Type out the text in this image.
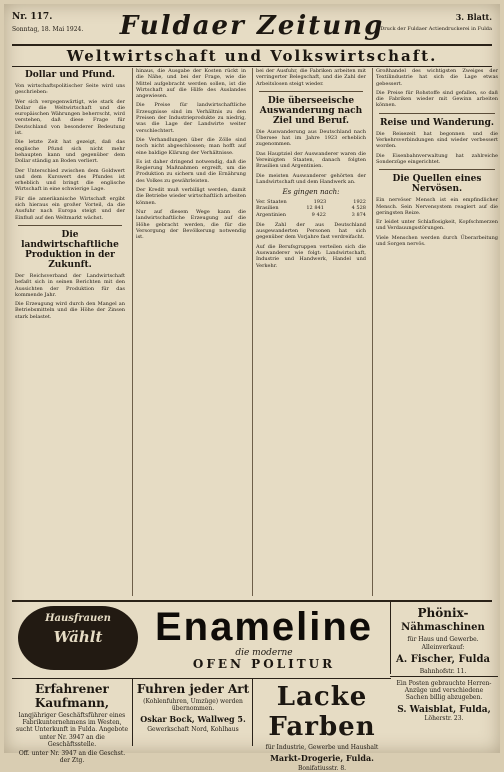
Nr. 117.
Sonntag, 18. Mai 1924.	Fuldaer Zeitung	3. Blatt.
Druck der Fuldaer Actiendruckerei in Fulda
Weltwirtschaft und Volkswirtschaft.
Dollar und Pfund.

Von wirtschaftspolitischer Seite wird uns geschrieben:

Wer sich vergegenwärtigt, wie stark der Dollar die Weltwirtschaft und die europäischen Währungen beherrscht, wird verstehen, daß diese Frage für Deutschland von besonderer Bedeutung ist.

Die letzte Zeit hat gezeigt, daß das englische Pfund sich nicht mehr behaupten kann und gegenüber dem Dollar ständig an Boden verliert.

Der Unterschied zwischen dem Goldwert und dem Kurswert des Pfundes ist erheblich und bringt die englische Wirtschaft in eine schwierige Lage.

Für die amerikanische Wirtschaft ergibt sich hieraus ein großer Vorteil, da die Ausfuhr nach Europa steigt und der Einfluß auf den Weltmarkt wächst.

Die landwirtschaftliche Produktion in der Zukunft.

Der Reichsverband der Landwirtschaft befaßt sich in seinen Berichten mit den Aussichten der Produktion für das kommende Jahr.

Die Erzeugung wird durch den Mangel an Betriebsmitteln und die Höhe der Zinsen stark belastet.

hinaus, die Ausgabe der Kosten rückt in die Nähe, und bei der Frage, wie die Mittel aufgebracht werden sollen, ist die Wirtschaft auf die Hilfe des Auslandes angewiesen.

Die Preise für landwirtschaftliche Erzeugnisse sind im Verhältnis zu den Preisen der Industrieprodukte zu niedrig, was die Lage der Landwirte weiter verschlechtert.

Die Verhandlungen über die Zölle sind noch nicht abgeschlossen; man hofft auf eine baldige Klärung der Verhältnisse.

Es ist daher dringend notwendig, daß die Regierung Maßnahmen ergreift, um die Produktion zu sichern und die Ernährung des Volkes zu gewährleisten.

Der Kredit muß verbilligt werden, damit die Betriebe wieder wirtschaftlich arbeiten können.

Nur auf diesem Wege kann die landwirtschaftliche Erzeugung auf die Höhe gebracht werden, die für die Versorgung der Bevölkerung notwendig ist.

bei der Ausfuhr, die Fabriken arbeiten mit verringerter Belegschaft, und die Zahl der Arbeitslosen steigt wieder.

Die überseeische Auswanderung nach Ziel und Beruf.

Die Auswanderung aus Deutschland nach Übersee hat im Jahre 1923 erheblich zugenommen.

Das Hauptziel der Auswanderer waren die Vereinigten Staaten, danach folgten Brasilien und Argentinien.

Die meisten Auswanderer gehörten der Landwirtschaft und dem Handwerk an.

Es gingen nach:
Ver. Staaten	1923	1922
Brasilien	12 841	4 528
Argentinien	9 422	3 874

Die Zahl der aus Deutschland ausgewanderten Personen hat sich gegenüber dem Vorjahre fast verdreifacht.

Auf die Berufsgruppen verteilen sich die Auswanderer wie folgt: Landwirtschaft, Industrie und Handwerk, Handel und Verkehr.

Großhandel des wichtigsten Zweiges der Textilindustrie hat sich die Lage etwas gebessert.

Die Preise für Rohstoffe sind gefallen, so daß die Fabriken wieder mit Gewinn arbeiten können.

Reise und Wanderung.

Die Reisezeit hat begonnen und die Verkehrsverbindungen sind wieder verbessert worden.

Die Eisenbahnverwaltung hat zahlreiche Sonderzüge eingerichtet.

Die Quellen eines Nervösen.

Ein nervöser Mensch ist ein empfindlicher Mensch. Sein Nervensystem reagiert auf die geringsten Reize.

Er leidet unter Schlaflosigkeit, Kopfschmerzen und Verdauungsstörungen.

Viele Menschen werden durch Überarbeitung und Sorgen nervös.

Hausfrauen
Wählt	Enameline
die moderne
OFEN POLITUR
Phönix-
Nähmaschinen
für Haus und Gewerbe. Alleinverkauf:
A. Fischer, Fulda
Bahnhofstr. 11.
Erfahrener Kaufmann,
langjähriger Geschäftsführer eines Fabrikunternehmens im Westen, sucht Unterkunft in Fulda. Angebote unter Nr. 3947 an die Geschäftsstelle.
Off. unter Nr. 3947 an die Geschst. der Ztg.
Fuhren jeder Art
(Kohlenfuhren, Umzüge) werden übernommen.
Oskar Bock, Wallweg 5.
Gewerkschaft Nord, Kohlhaus
Lacke Farben
für Industrie, Gewerbe und Haushalt
Markt-Drogerie, Fulda.
Bonifatiusstr. 8.
Ein Posten gebrauchte Herren-Anzüge und verschiedene Sachen billig abzugeben.
S. Waisblat, Fulda,
Löherstr. 23.
